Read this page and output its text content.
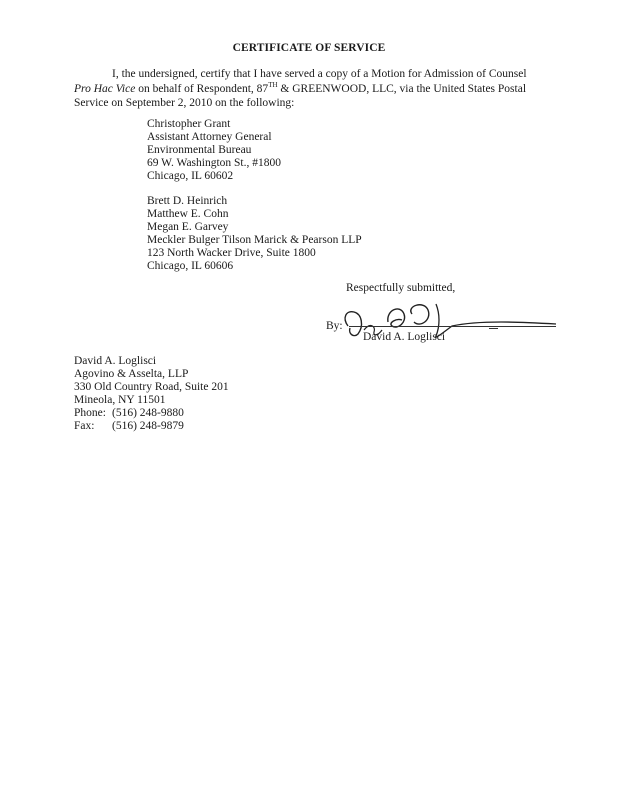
CERTIFICATE OF SERVICE
I, the undersigned, certify that I have served a copy of a Motion for Admission of Counsel Pro Hac Vice on behalf of Respondent, 87TH & GREENWOOD, LLC, via the United States Postal Service on September 2, 2010 on the following:
Christopher Grant
Assistant Attorney General
Environmental Bureau
69 W. Washington St., #1800
Chicago, IL 60602
Brett D. Heinrich
Matthew E. Cohn
Megan E. Garvey
Meckler Bulger Tilson Marick & Pearson LLP
123 North Wacker Drive, Suite 1800
Chicago, IL 60606
Respectfully submitted,
By:
David A. Loglisci
David A. Loglisci
Agovino & Asselta, LLP
330 Old Country Road, Suite 201
Mineola, NY 11501
Phone: (516) 248-9880
Fax: (516) 248-9879
